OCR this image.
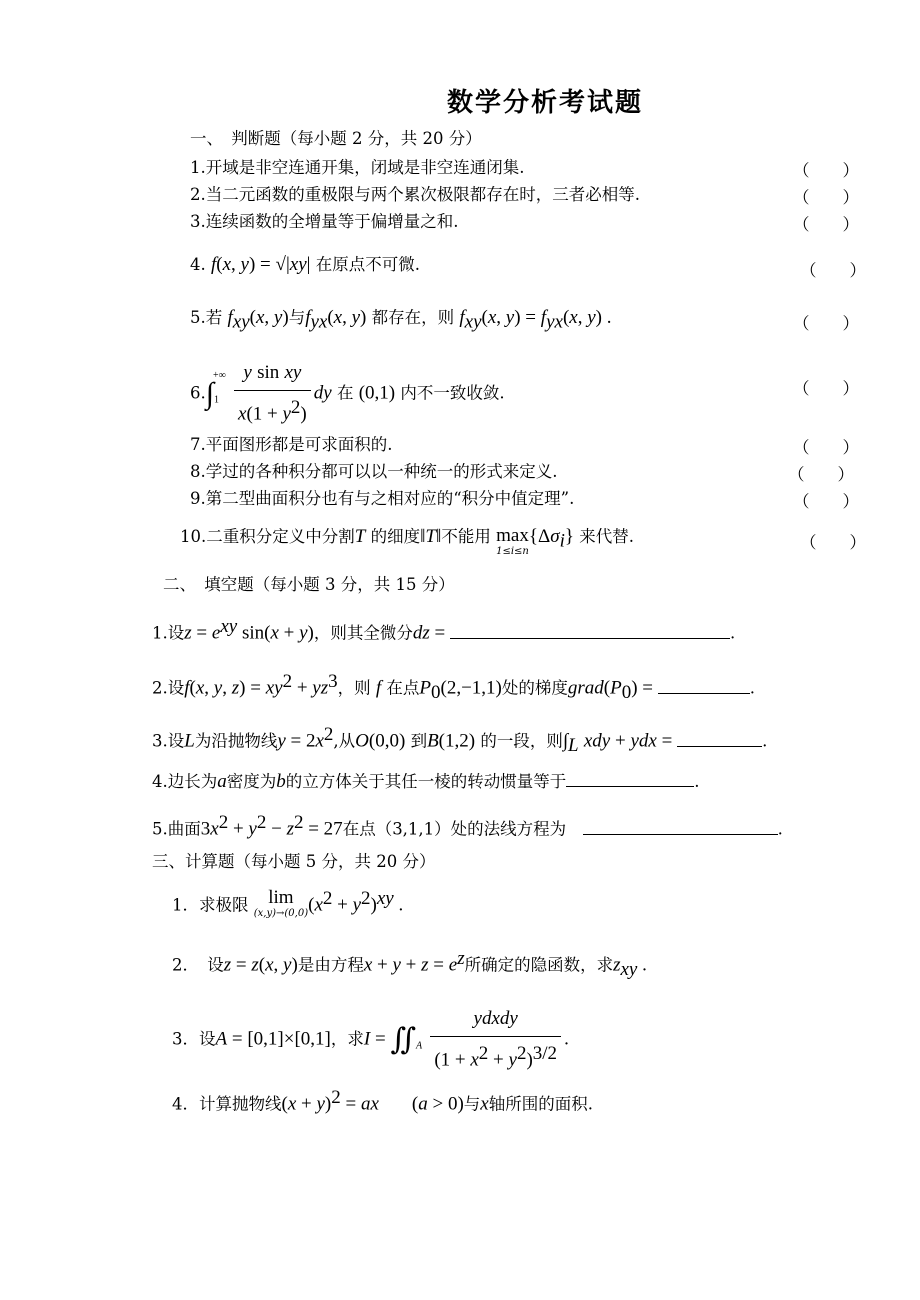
数学分析考试题
一、　判断题（每小题 2 分，共 20 分）
1.开域是非空连通开集，闭域是非空连通闭集.	（　　）
2.当二元函数的重极限与两个累次极限都存在时，三者必相等.	（　　）
3.连续函数的全增量等于偏增量之和.	（　　）
4. f(x, y) = √|xy| 在原点不可微.	（　　）
5.若 $f_{xy}(x$, y)与$f_{yx}(x$, y) 都存在，则 $f_{xy}(x$, $y) = f_{yx}(x$, y) .	（　　）
$6.\int_1^{+\infty} \frac{\text{y sin xy}}{x(1 + y^2)}$ dy 在 (0,1) 内不一致收敛.	（　　）
7.平面图形都是可求面积的.	（　　）
8.学过的各种积分都可以以一种统一的形式来定义.	（　　）
9.第二型曲面积分也有与之相对应的“积分中值定理”.	（　　）
10.二重积分定义中分割T 的细度‖T‖不能用 max
1≤i≤n
$\{\Delta\sigma_i\}$ 来代替.	（　　）
二、　填空题（每小题 3 分，共 15 分）
1.设$z = e^{xy}$ sin(x + y)，则其全微分dz =	.
2.设f(x, y, $z) = xy^2 + yz^3$，则 f 在点$P_0(2,-1,1)$处的梯度$grad(P_0)$ =	.
3.设L为沿抛物线$y = 2x^2$,从O(0,0) 到B(1,2) 的一段，则$\int_L$ xdy + ydx =	.
4.边长为a密度为b的立方体关于其任一棱的转动惯量等于	.
5.曲面$3x^2 + y^2 - z^2 = 27$在点（3,1,1）处的法线方程为　	.
三、计算题（每小题 5 分，共 20 分）
1．求极限 lim
(x,y)→(0,0) $(x^2 + y^2)^{xy}$ .
2．　设z = z(x, y)是由方程$x + y + z = e^z$所确定的隐函数，求$z_{xy}$ .
3．设A = [0,1]×[0,1]，求$I = ∬_A \frac{\text{ydxdy}}{(1 + x^2 + y^2)^{3/2}}$ .
4．计算抛物线$(x + y)^2$ = ax　　 (a > 0)与x轴所围的面积.
